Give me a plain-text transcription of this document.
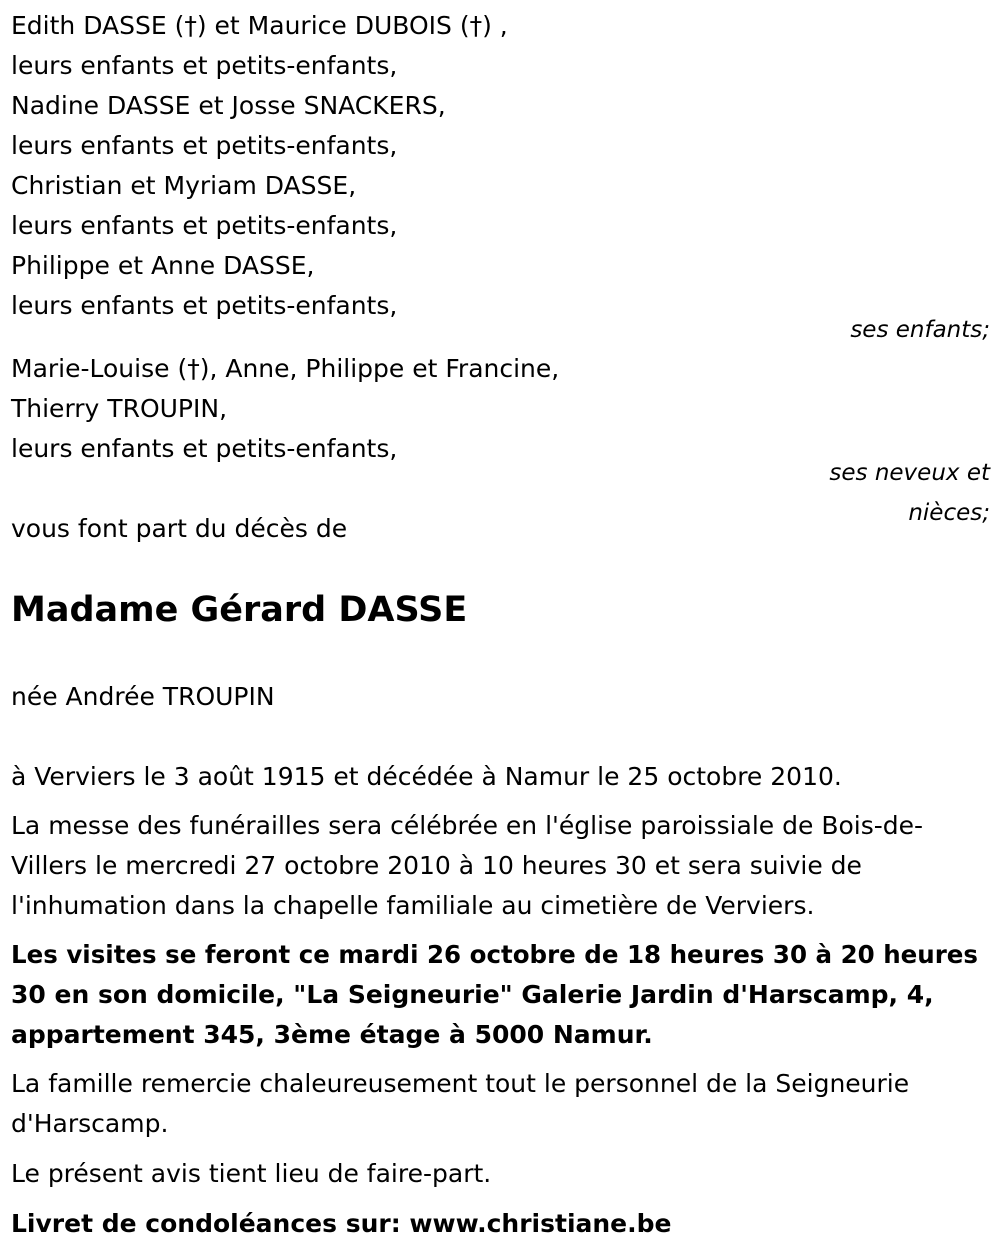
Edith DASSE (†) et Maurice DUBOIS (†) ,

leurs enfants et petits-enfants,

Nadine DASSE et Josse SNACKERS,

leurs enfants et petits-enfants,

Christian et Myriam DASSE,

leurs enfants et petits-enfants,

Philippe et Anne DASSE,

leurs enfants et petits-enfants,

ses enfants;

Marie-Louise (†), Anne, Philippe et Francine,

Thierry TROUPIN,

leurs enfants et petits-enfants,

ses neveux et
nièces;

vous font part du décès de

Madame Gérard DASSE

née Andrée TROUPIN

à Verviers le 3 août 1915 et décédée à Namur le 25 octobre 2010.

La messe des funérailles sera célébrée en l'église paroissiale de Bois-de-

Villers le mercredi 27 octobre 2010 à 10 heures 30 et sera suivie de

l'inhumation dans la chapelle familiale au cimetière de Verviers.

Les visites se feront ce mardi 26 octobre de 18 heures 30 à 20 heures

30 en son domicile, "La Seigneurie" Galerie Jardin d'Harscamp, 4,

appartement 345, 3ème étage à 5000 Namur.

La famille remercie chaleureusement tout le personnel de la Seigneurie

d'Harscamp.

Le présent avis tient lieu de faire-part.

Livret de condoléances sur: www.christiane.be
